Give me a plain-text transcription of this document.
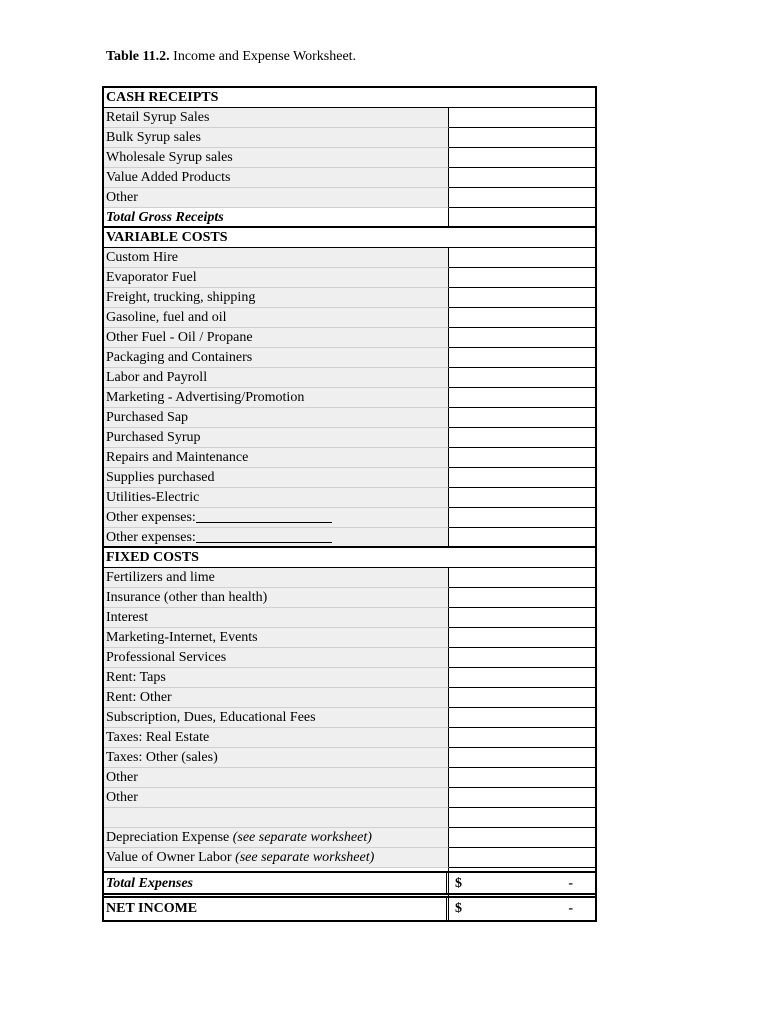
Table 11.2. Income and Expense Worksheet.
CASH RECEIPTS
Retail Syrup Sales
Bulk Syrup sales
Wholesale Syrup sales
Value Added Products
Other
Total Gross Receipts
VARIABLE COSTS
Custom Hire
Evaporator Fuel
Freight, trucking, shipping
Gasoline, fuel and oil
Other Fuel - Oil / Propane
Packaging and Containers
Labor and Payroll
Marketing - Advertising/Promotion
Purchased Sap
Purchased Syrup
Repairs and Maintenance
Supplies purchased
Utilities-Electric
Other expenses:
Other expenses:
FIXED COSTS
Fertilizers and lime
Insurance (other than health)
Interest
Marketing-Internet, Events
Professional Services
Rent: Taps
Rent: Other
Subscription, Dues, Educational Fees
Taxes: Real Estate
Taxes: Other (sales)
Other
Other
Depreciation Expense (see separate worksheet)
Value of Owner Labor (see separate worksheet)
Total Expenses	$	-
NET INCOME	$	-
